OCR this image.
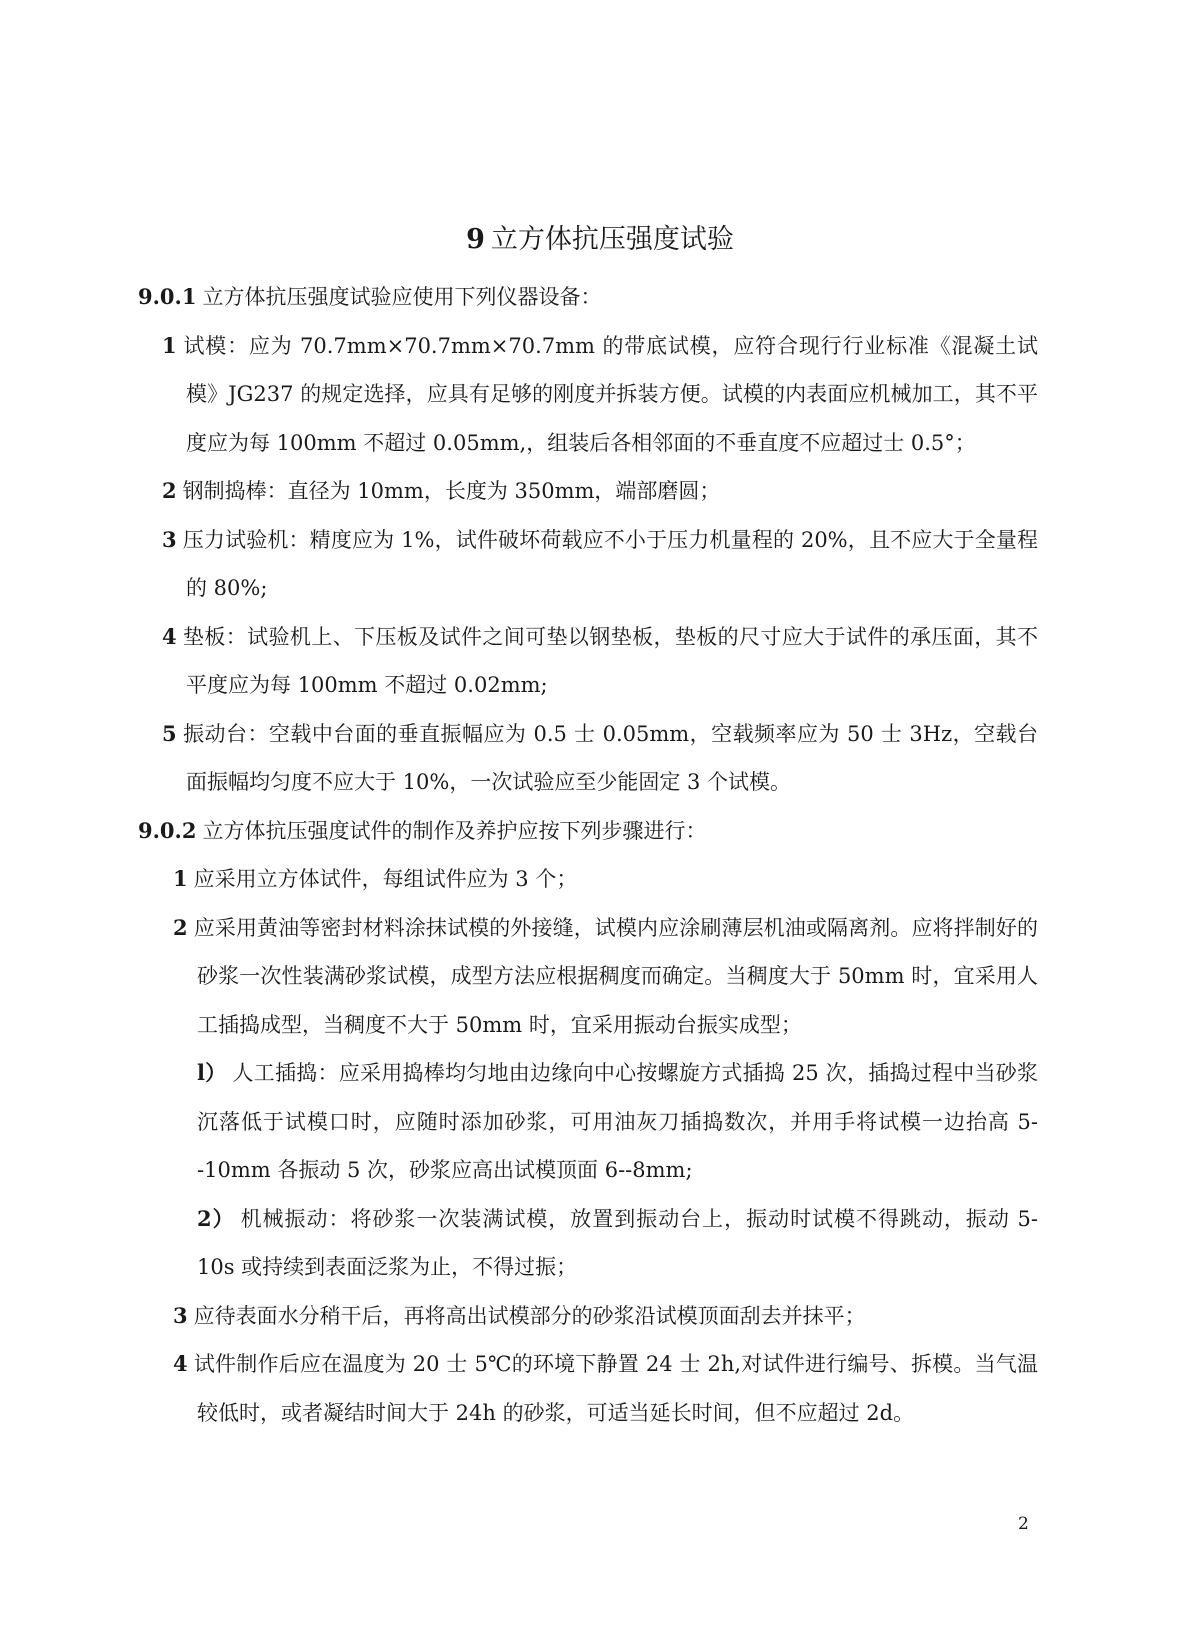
9 立方体抗压强度试验

9.0.1 立方体抗压强度试验应使用下列仪器设备：

1 试模：应为 70.7mm×70.7mm×70.7mm 的带底试模，应符合现行行业标准《混凝土试模》JG237 的规定选择，应具有足够的刚度并拆装方便。试模的内表面应机械加工，其不平度应为每 100mm 不超过 0.05mm,，组装后各相邻面的不垂直度不应超过士 0.5°；

2 钢制捣棒：直径为 10mm，长度为 350mm，端部磨圆；

3 压力试验机：精度应为 1%，试件破坏荷载应不小于压力机量程的 20%，且不应大于全量程的 80%;

4 垫板：试验机上、下压板及试件之间可垫以钢垫板，垫板的尺寸应大于试件的承压面，其不平度应为每 100mm 不超过 0.02mm;

5 振动台：空载中台面的垂直振幅应为 0.5 士 0.05mm，空载频率应为 50 士 3Hz，空载台面振幅均匀度不应大于 10%，一次试验应至少能固定 3 个试模。

9.0.2 立方体抗压强度试件的制作及养护应按下列步骤进行：

1 应采用立方体试件，每组试件应为 3 个；

2 应采用黄油等密封材料涂抹试模的外接缝，试模内应涂刷薄层机油或隔离剂。应将拌制好的砂浆一次性装满砂浆试模，成型方法应根据稠度而确定。当稠度大于 50mm 时，宜采用人工插捣成型，当稠度不大于 50mm 时，宜采用振动台振实成型；

l） 人工插捣：应采用捣棒均匀地由边缘向中心按螺旋方式插捣 25 次，插捣过程中当砂浆沉落低于试模口时，应随时添加砂浆，可用油灰刀插捣数次，并用手将试模一边抬高 5--10mm 各振动 5 次，砂浆应高出试模顶面 6--8mm;

2） 机械振动：将砂浆一次装满试模，放置到振动台上，振动时试模不得跳动，振动 5-10s 或持续到表面泛浆为止，不得过振；

3 应待表面水分稍干后，再将高出试模部分的砂浆沿试模顶面刮去并抹平；

4 试件制作后应在温度为 20 士 5℃的环境下静置 24 士 2h,对试件进行编号、拆模。当气温较低时，或者凝结时间大于 24h 的砂浆，可适当延长时间，但不应超过 2d。

2
